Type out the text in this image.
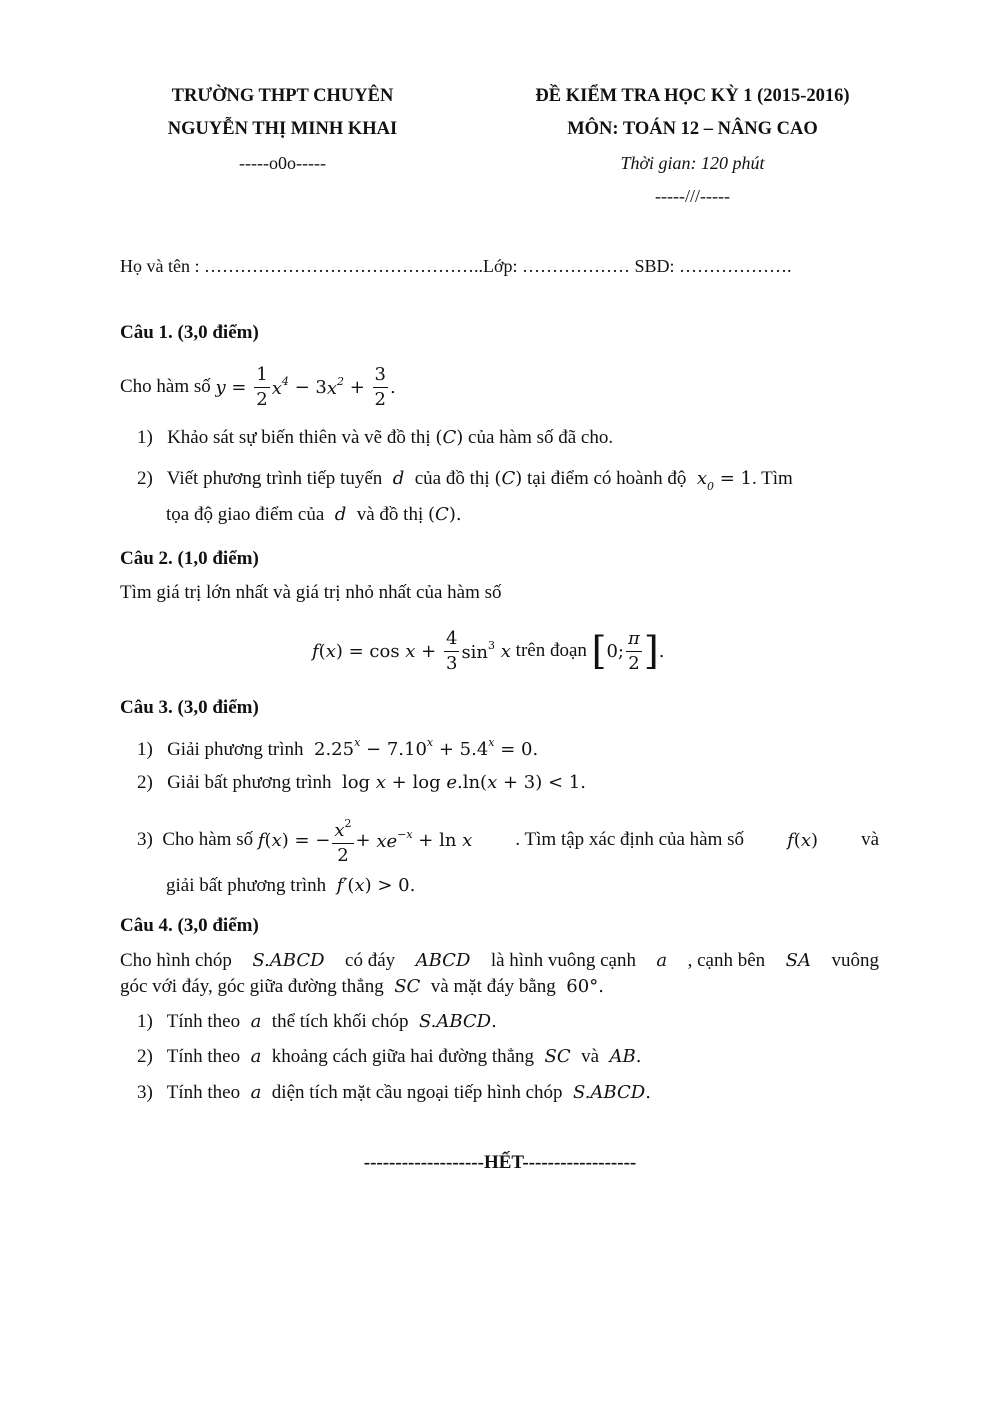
TRƯỜNG THPT CHUYÊN
NGUYỄN THỊ MINH KHAI
-----o0o-----
ĐỀ KIỂM TRA HỌC KỲ 1 (2015-2016)
MÔN: TOÁN 12 – NÂNG CAO
Thời gian: 120 phút
-----///-----
Họ và tên : ………………………………………..Lớp: ……………… SBD: ……………….
Câu 1. (3,0 điểm)
Cho hàm số
$y = \frac{1}{2} x^4 - 3$ $x^2 + \frac{3}{2}$ .
1) Khảo sát sự biến thiên và vẽ đồ thị (C) của hàm số đã cho.
2) Viết phương trình tiếp tuyến  d  của đồ thị (C) tại điểm có hoành độ  $x_0 = 1$. Tìm
tọa độ giao điểm của  d  và đồ thị (C).
Câu 2. (1,0 điểm)
Tìm giá trị lớn nhất và giá trị nhỏ nhất của hàm số
f ( x ) = $\cos x + \frac{4}{3} \sin^3 x$
trên đoạn
[ 0; $\frac{\pi}{2}$ ] .
Câu 3. (3,0 điểm)
1) Giải phương trình  $2.25^x - 7.10^x + 5.4^x = 0$.
2) Giải bất phương trình  log x + log e.ln(x + 3) < 1.
3)
Cho hàm số
f ( x ) = − $\frac{x^2}{2} + xe^{-x} + \ln x$ . Tìm tập xác định của hàm số f(x) và
giải bất phương trình  f′(x) > 0.
Câu 4. (3,0 điểm)
Cho hình chóp S.ABCD có đáy ABCD là hình vuông cạnh a , cạnh bên SA vuông
góc với đáy, góc giữa đường thẳng  SC  và mặt đáy bằng  60°.
1) Tính theo  a  thể tích khối chóp  S.ABCD.
2) Tính theo  a  khoảng cách giữa hai đường thẳng  SC  và  AB.
3) Tính theo  a  diện tích mặt cầu ngoại tiếp hình chóp  S.ABCD.
-------------------HẾT------------------
